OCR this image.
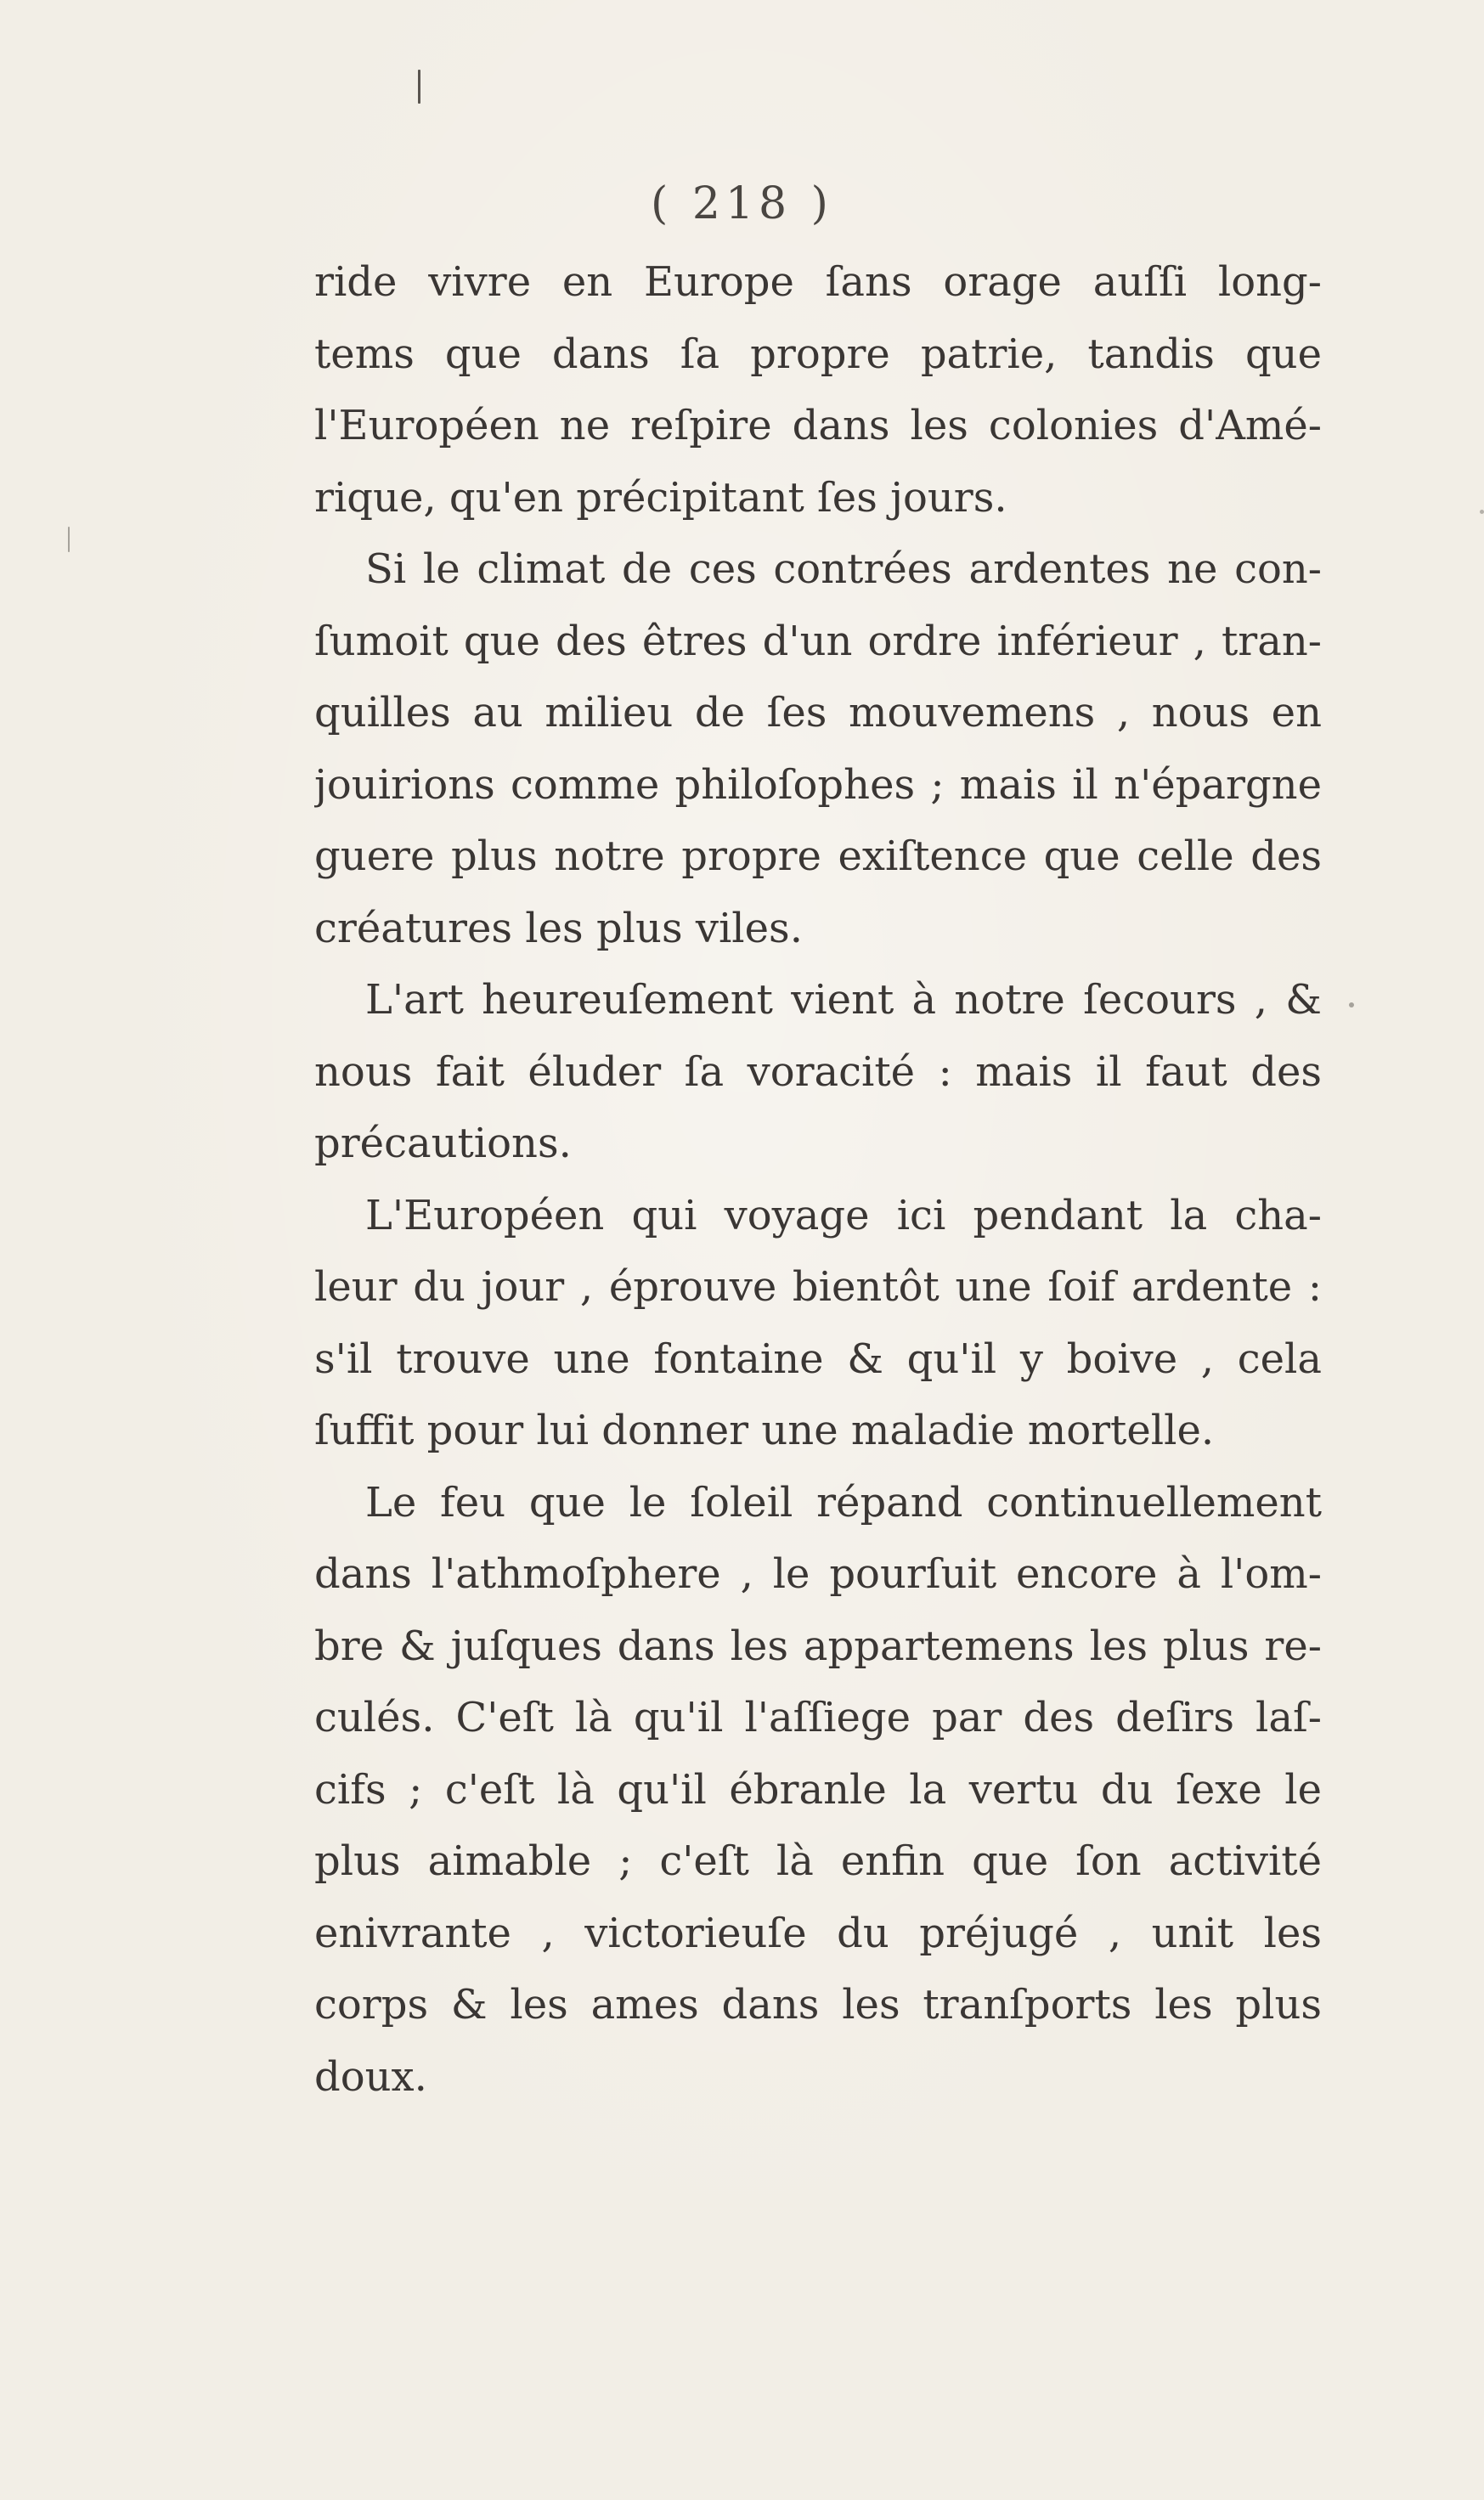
( 218 )
ride vivre en Europe ſans orage auſſi long-
tems que dans ſa propre patrie, tandis que
l'Européen ne reſpire dans les colonies d'Amé-
rique, qu'en précipitant ſes jours.
Si le climat de ces contrées ardentes ne con-
ſumoit que des êtres d'un ordre inférieur , tran-
quilles au milieu de ſes mouvemens , nous en
jouirions comme philoſophes ; mais il n'épargne
guere plus notre propre exiſtence que celle des
créatures les plus viles.
L'art heureuſement vient à notre ſecours , &
nous fait éluder ſa voracité : mais il faut des
précautions.
L'Européen qui voyage ici pendant la cha-
leur du jour , éprouve bientôt une ſoif ardente :
s'il trouve une fontaine & qu'il y boive , cela
ſuffit pour lui donner une maladie mortelle.
Le feu que le ſoleil répand continuellement
dans l'athmoſphere , le pourſuit encore à l'om-
bre & juſques dans les appartemens les plus re-
culés. C'eſt là qu'il l'aſſiege par des deſirs laſ-
cifs ; c'eſt là qu'il ébranle la vertu du ſexe le
plus aimable ; c'eſt là enfin que ſon activité
enivrante , victorieuſe du préjugé , unit les
corps & les ames dans les tranſports les plus
doux.
